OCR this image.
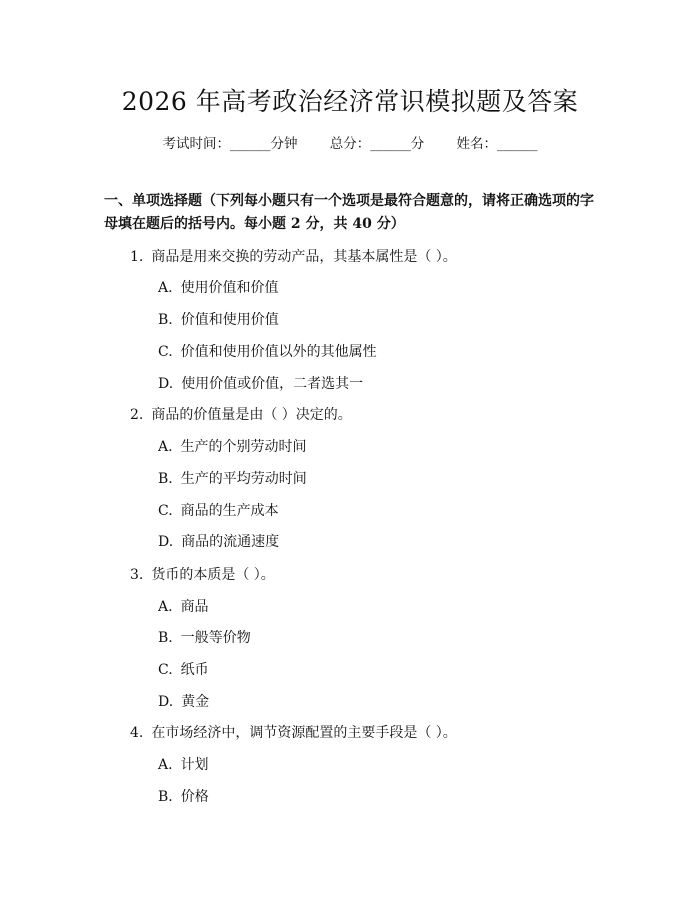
2026 年高考政治经济常识模拟题及答案
考试时间：______分钟 总分：______分 姓名：______
一、单项选择题（下列每小题只有一个选项是最符合题意的，请将正确选项的字母填在题后的括号内。每小题 2 分，共 40 分）
1. 商品是用来交换的劳动产品，其基本属性是（ ）。
A. 使用价值和价值
B. 价值和使用价值
C. 价值和使用价值以外的其他属性
D. 使用价值或价值，二者选其一
2. 商品的价值量是由（ ）决定的。
A. 生产的个别劳动时间
B. 生产的平均劳动时间
C. 商品的生产成本
D. 商品的流通速度
3. 货币的本质是（ ）。
A. 商品
B. 一般等价物
C. 纸币
D. 黄金
4. 在市场经济中，调节资源配置的主要手段是（ ）。
A. 计划
B. 价格
